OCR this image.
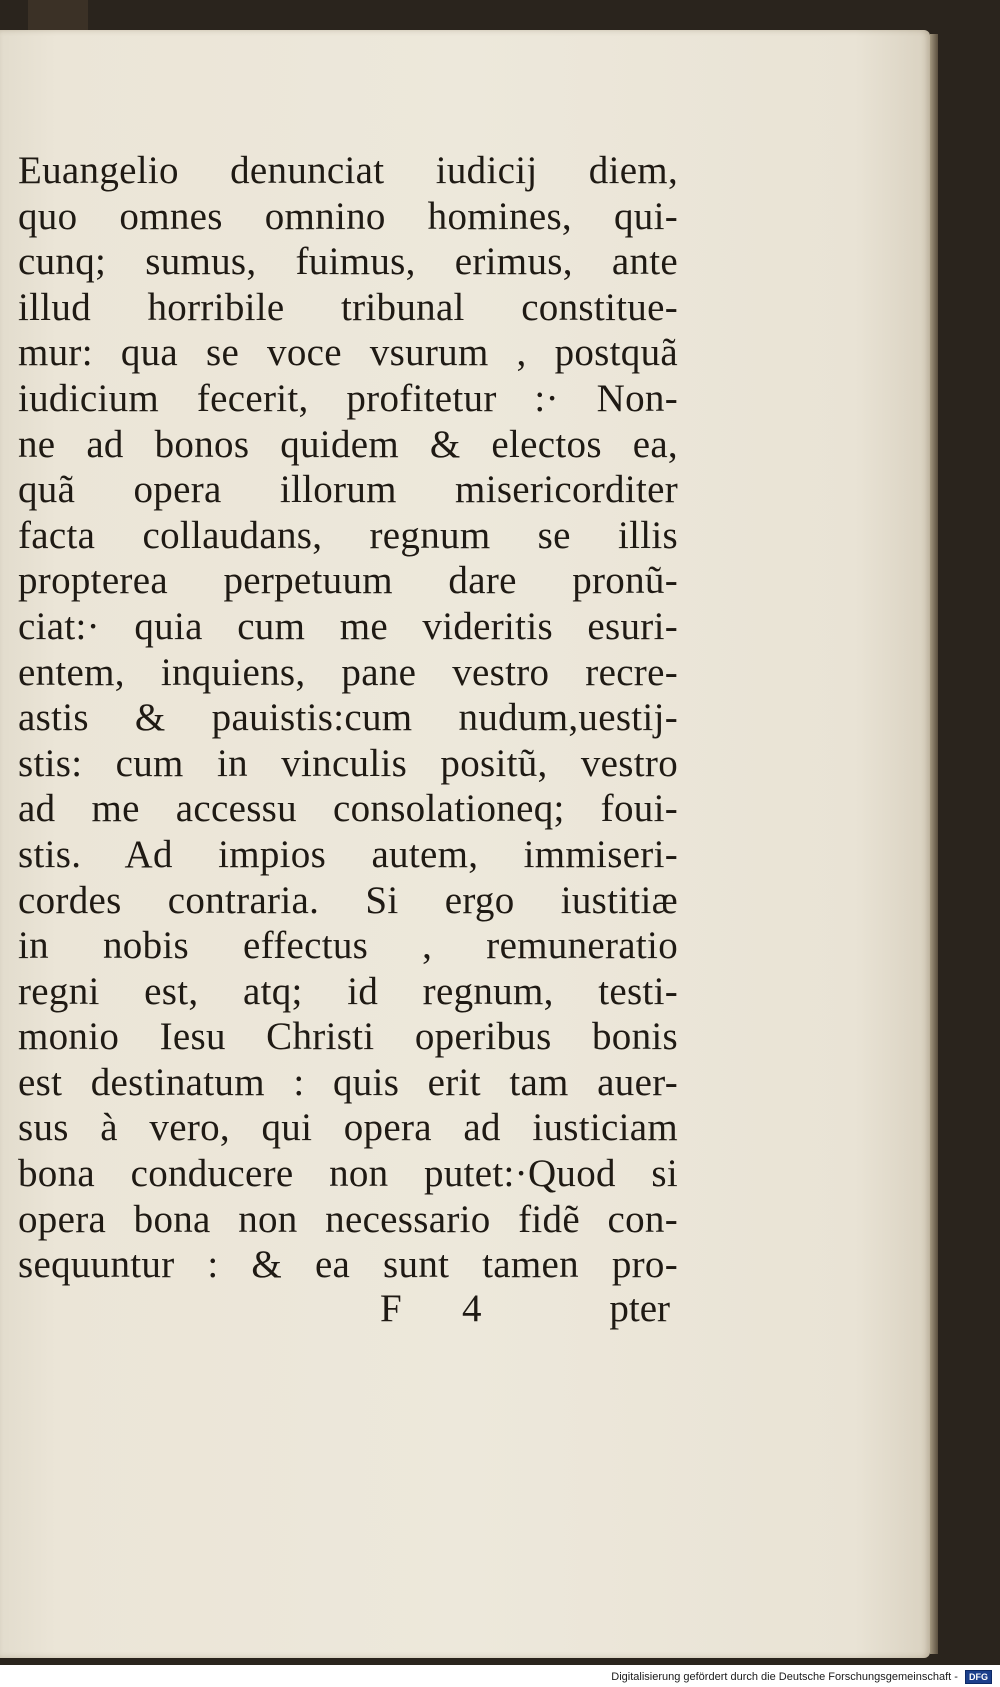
Euangelio denunciat iudicij diem,
quo omnes omnino homines, qui-
cunq; sumus, fuimus, erimus, ante
illud horribile tribunal constitue-
mur: qua se voce vsurum , postquã
iudicium fecerit, profitetur :· Non-
ne ad bonos quidem & electos ea,
quã opera illorum misericorditer
facta collaudans, regnum se illis
propterea perpetuum dare pronũ-
ciat:· quia cum me videritis esuri-
entem, inquiens, pane vestro recre-
astis & pauistis:cum nudum,uestij-
stis: cum in vinculis positũ, vestro
ad me accessu consolationeq; foui-
stis. Ad impios autem, immiseri-
cordes contraria. Si ergo iustitiæ
in nobis effectus , remuneratio
regni est, atq; id regnum, testi-
monio Iesu Christi operibus bonis
est destinatum : quis erit tam auer-
sus à vero, qui opera ad iusticiam
bona conducere non putet:·Quod si
opera bona non necessario fidẽ con-
sequuntur : & ea sunt tamen pro-
F 4	pter
Digitalisierung gefördert durch die Deutsche Forschungsgemeinschaft - DFG
